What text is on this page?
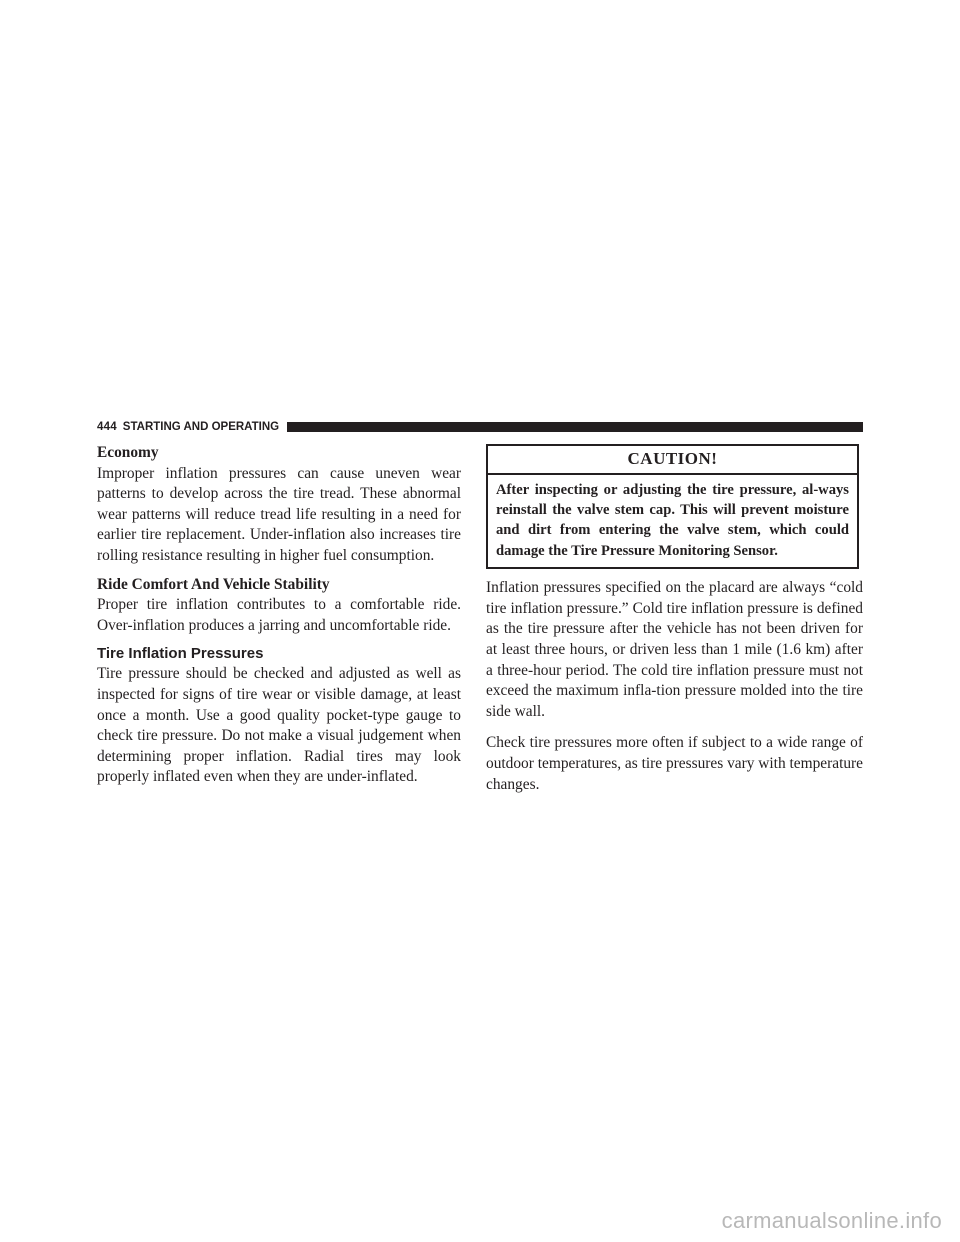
444 STARTING AND OPERATING
Economy

Improper inflation pressures can cause uneven wear patterns to develop across the tire tread. These abnormal wear patterns will reduce tread life resulting in a need for earlier tire replacement. Under-inflation also increases tire rolling resistance resulting in higher fuel consumption.

Ride Comfort And Vehicle Stability

Proper tire inflation contributes to a comfortable ride. Over-inflation produces a jarring and uncomfortable ride.

Tire Inflation Pressures

Tire pressure should be checked and adjusted as well as inspected for signs of tire wear or visible damage, at least once a month. Use a good quality pocket-type gauge to check tire pressure. Do not make a visual judgement when determining proper inflation. Radial tires may look properly inflated even when they are under-inflated.

CAUTION!
After inspecting or adjusting the tire pressure, al-ways reinstall the valve stem cap. This will prevent moisture and dirt from entering the valve stem, which could damage the Tire Pressure Monitoring Sensor.

Inflation pressures specified on the placard are always “cold tire inflation pressure.” Cold tire inflation pressure is defined as the tire pressure after the vehicle has not been driven for at least three hours, or driven less than 1 mile (1.6 km) after a three-hour period. The cold tire inflation pressure must not exceed the maximum infla-tion pressure molded into the tire side wall.

Check tire pressures more often if subject to a wide range of outdoor temperatures, as tire pressures vary with temperature changes.

carmanualsonline.info
